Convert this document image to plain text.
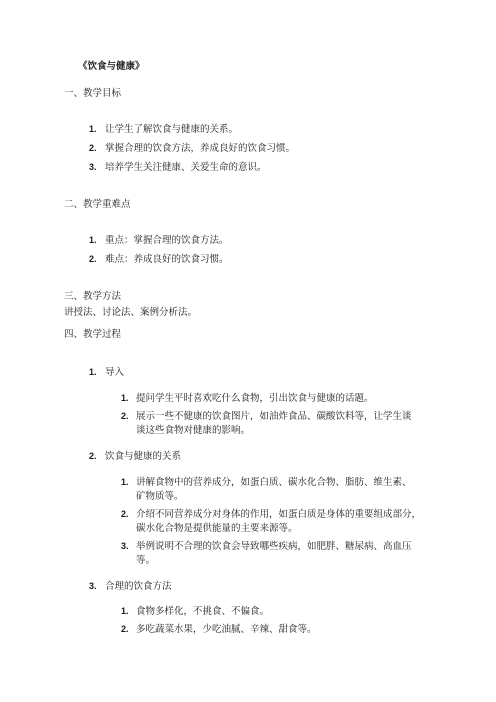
《饮食与健康》
一、教学目标
1. 让学生了解饮食与健康的关系。
2. 掌握合理的饮食方法，养成良好的饮食习惯。
3. 培养学生关注健康、关爱生命的意识。
二、教学重难点
1. 重点：掌握合理的饮食方法。
2. 难点：养成良好的饮食习惯。
三、教学方法
讲授法、讨论法、案例分析法。
四、教学过程
1. 导入
1. 提问学生平时喜欢吃什么食物，引出饮食与健康的话题。
2. 展示一些不健康的饮食图片，如油炸食品、碳酸饮料等，让学生谈
谈这些食物对健康的影响。
2. 饮食与健康的关系
1. 讲解食物中的营养成分，如蛋白质、碳水化合物、脂肪、维生素、
矿物质等。
2. 介绍不同营养成分对身体的作用，如蛋白质是身体的重要组成部分，
碳水化合物是提供能量的主要来源等。
3. 举例说明不合理的饮食会导致哪些疾病，如肥胖、糖尿病、高血压
等。
3. 合理的饮食方法
1. 食物多样化，不挑食、不偏食。
2. 多吃蔬菜水果，少吃油腻、辛辣、甜食等。
